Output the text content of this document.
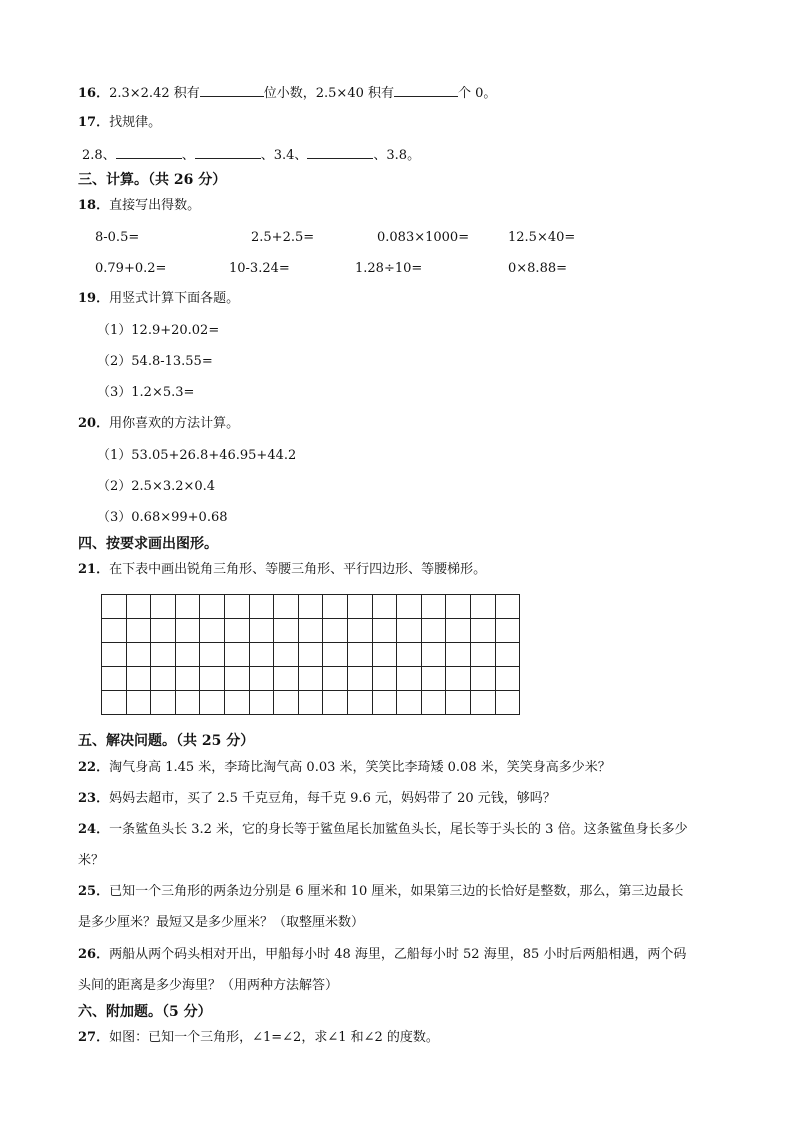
16．2.3×2.42 积有	位小数，2.5×40 积有	个 0。
17．找规律。
2.8、	、	、3.4、	、3.8。
三、计算。（共 26 分）
18．直接写出得数。
8-0.5=	2.5+2.5=	0.083×1000=	12.5×40=
0.79+0.2=	10-3.24=	1.28÷10=	0×8.88=
19．用竖式计算下面各题。
（1）12.9+20.02=
（2）54.8-13.55=
（3）1.2×5.3=
20．用你喜欢的方法计算。
（1）53.05+26.8+46.95+44.2
（2）2.5×3.2×0.4
（3）0.68×99+0.68
四、按要求画出图形。
21．在下表中画出锐角三角形、等腰三角形、平行四边形、等腰梯形。

五、解决问题。（共 25 分）
22．淘气身高 1.45 米，李琦比淘气高 0.03 米，笑笑比李琦矮 0.08 米，笑笑身高多少米？
23．妈妈去超市，买了 2.5 千克豆角，每千克 9.6 元，妈妈带了 20 元钱，够吗？
24．一条鲨鱼头长 3.2 米，它的身长等于鲨鱼尾长加鲨鱼头长，尾长等于头长的 3 倍。这条鲨鱼身长多少
米？
25．已知一个三角形的两条边分别是 6 厘米和 10 厘米，如果第三边的长恰好是整数，那么，第三边最长
是多少厘米？最短又是多少厘米？（取整厘米数）
26．两船从两个码头相对开出，甲船每小时 48 海里，乙船每小时 52 海里，85 小时后两船相遇，两个码
头间的距离是多少海里？（用两种方法解答）
六、附加题。（5 分）
27．如图：已知一个三角形，∠1=∠2，求∠1 和∠2 的度数。
